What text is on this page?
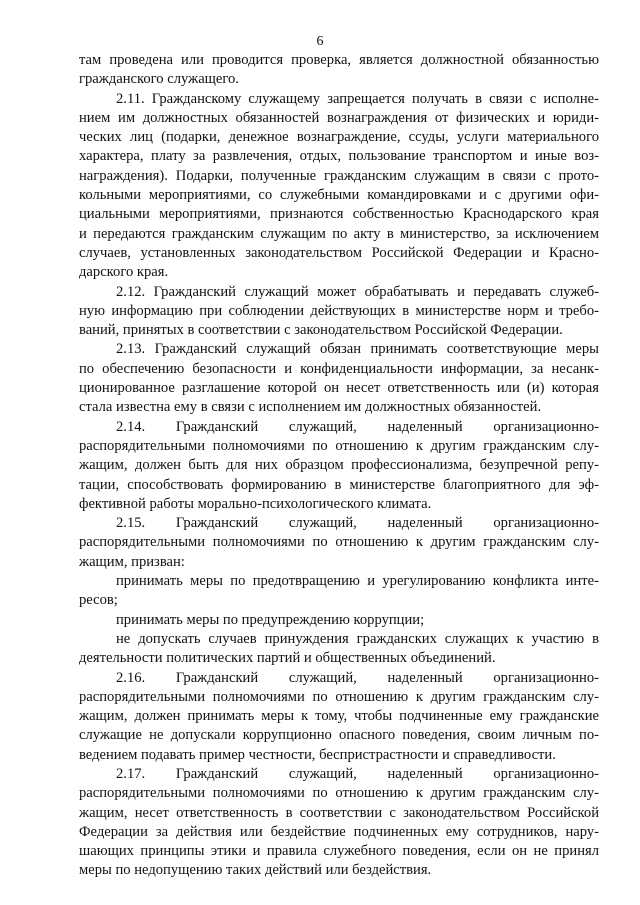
6
там проведена или проводится проверка, является должностной обязанностью
гражданского служащего.
2.11. Гражданскому служащему запрещается получать в связи с исполне-
нием им должностных обязанностей вознаграждения от физических и юриди-
ческих лиц (подарки, денежное вознаграждение, ссуды, услуги материального
характера, плату за развлечения, отдых, пользование транспортом и иные воз-
награждения). Подарки, полученные гражданским служащим в связи с прото-
кольными мероприятиями, со служебными командировками и с другими офи-
циальными мероприятиями, признаются собственностью Краснодарского края
и передаются гражданским служащим по акту в министерство, за исключением
случаев, установленных законодательством Российской Федерации и Красно-
дарского края.
2.12. Гражданский служащий может обрабатывать и передавать служеб-
ную информацию при соблюдении действующих в министерстве норм и требо-
ваний, принятых в соответствии с законодательством Российской Федерации.
2.13. Гражданский служащий обязан принимать соответствующие меры
по обеспечению безопасности и конфиденциальности информации, за несанк-
ционированное разглашение которой он несет ответственность или (и) которая
стала известна ему в связи с исполнением им должностных обязанностей.
2.14. Гражданский служащий, наделенный организационно-
распорядительными полномочиями по отношению к другим гражданским слу-
жащим, должен быть для них образцом профессионализма, безупречной репу-
тации, способствовать формированию в министерстве благоприятного для эф-
фективной работы морально-психологического климата.
2.15. Гражданский служащий, наделенный организационно-
распорядительными полномочиями по отношению к другим гражданским слу-
жащим, призван:
принимать меры по предотвращению и урегулированию конфликта инте-
ресов;
принимать меры по предупреждению коррупции;
не допускать случаев принуждения гражданских служащих к участию в
деятельности политических партий и общественных объединений.
2.16. Гражданский служащий, наделенный организационно-
распорядительными полномочиями по отношению к другим гражданским слу-
жащим, должен принимать меры к тому, чтобы подчиненные ему гражданские
служащие не допускали коррупционно опасного поведения, своим личным по-
ведением подавать пример честности, беспристрастности и справедливости.
2.17. Гражданский служащий, наделенный организационно-
распорядительными полномочиями по отношению к другим гражданским слу-
жащим, несет ответственность в соответствии с законодательством Российской
Федерации за действия или бездействие подчиненных ему сотрудников, нару-
шающих принципы этики и правила служебного поведения, если он не принял
меры по недопущению таких действий или бездействия.
